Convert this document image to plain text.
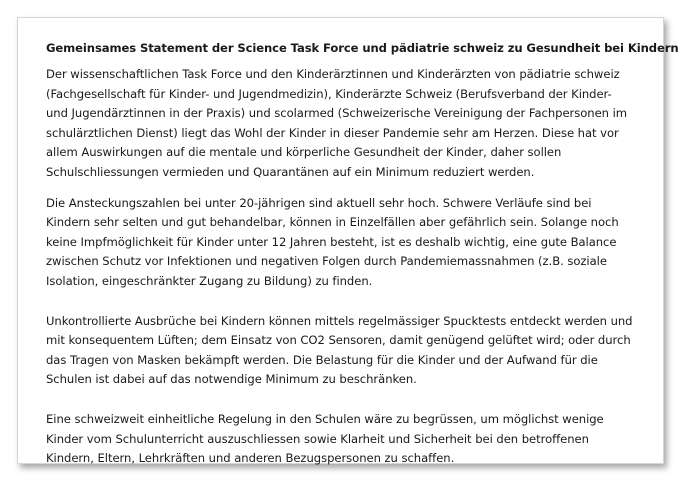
Gemeinsames Statement der Science Task Force und pädiatrie schweiz zu Gesundheit bei Kindern

Der wissenschaftlichen Task Force und den Kinderärztinnen und Kinderärzten von pädiatrie schweiz (Fachgesellschaft für Kinder- und Jugendmedizin), Kinderärzte Schweiz (Berufsverband der Kinder- und Jugendärztinnen in der Praxis) und scolarmed (Schweizerische Vereinigung der Fachpersonen im schulärztlichen Dienst) liegt das Wohl der Kinder in dieser Pandemie sehr am Herzen. Diese hat vor allem Auswirkungen auf die mentale und körperliche Gesundheit der Kinder, daher sollen Schulschliessungen vermieden und Quarantänen auf ein Minimum reduziert werden.

Die Ansteckungszahlen bei unter 20-jährigen sind aktuell sehr hoch. Schwere Verläufe sind bei Kindern sehr selten und gut behandelbar, können in Einzelfällen aber gefährlich sein. Solange noch keine Impfmöglichkeit für Kinder unter 12 Jahren besteht, ist es deshalb wichtig, eine gute Balance zwischen Schutz vor Infektionen und negativen Folgen durch Pandemiemassnahmen (z.B. soziale Isolation, eingeschränkter Zugang zu Bildung) zu finden.

Unkontrollierte Ausbrüche bei Kindern können mittels regelmässiger Spucktests entdeckt werden und mit konsequentem Lüften; dem Einsatz von CO2 Sensoren, damit genügend gelüftet wird; oder durch das Tragen von Masken bekämpft werden. Die Belastung für die Kinder und der Aufwand für die Schulen ist dabei auf das notwendige Minimum zu beschränken.

Eine schweizweit einheitliche Regelung in den Schulen wäre zu begrüssen, um möglichst wenige Kinder vom Schulunterricht auszuschliessen sowie Klarheit und Sicherheit bei den betroffenen Kindern, Eltern, Lehrkräften und anderen Bezugspersonen zu schaffen.
